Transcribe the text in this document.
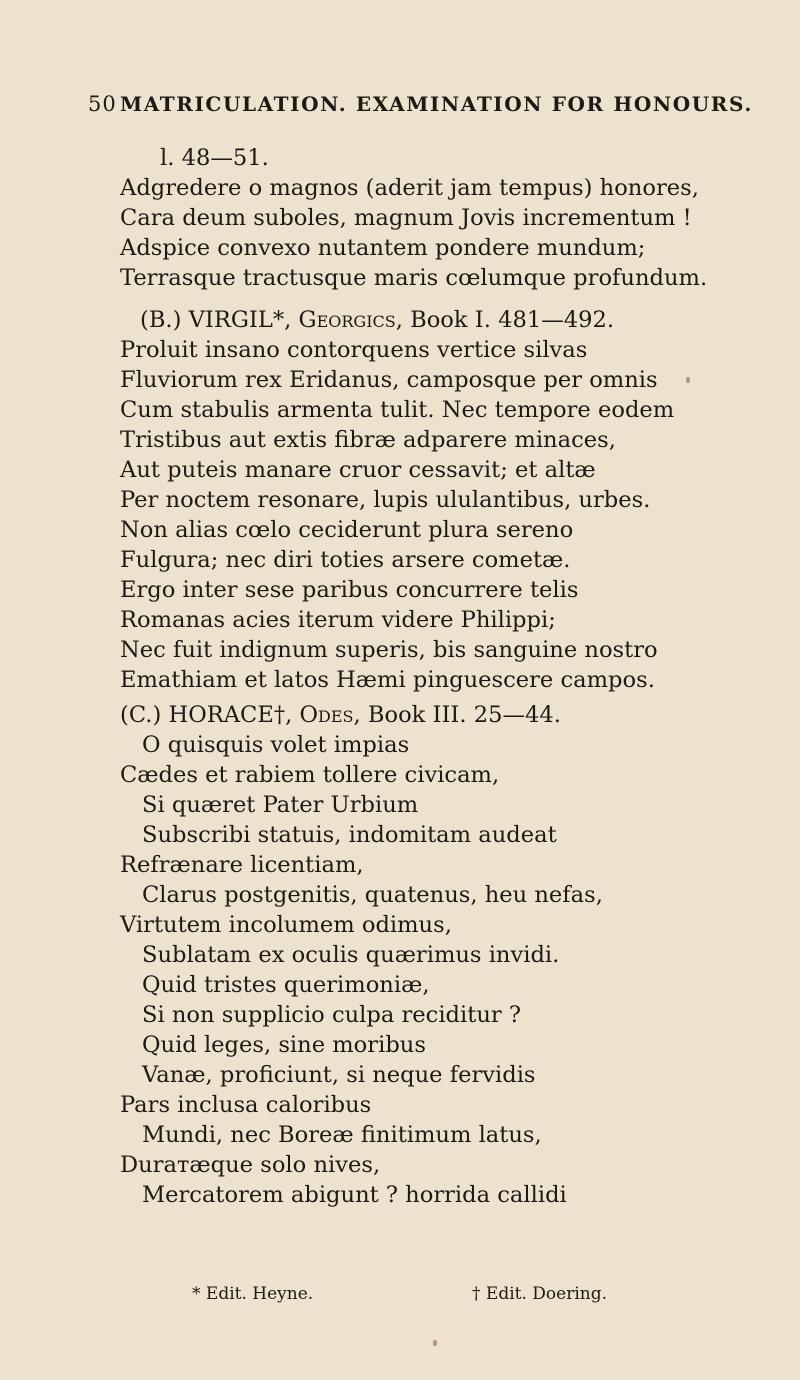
50 MATRICULATION. EXAMINATION FOR HONOURS.
l. 48—51.
Adgredere o magnos (aderit jam tempus) honores,
Cara deum suboles, magnum Jovis incrementum !
Adspice convexo nutantem pondere mundum;
Terrasque tractusque maris cœlumque profundum.
(B.) VIRGIL*, Georgics, Book I. 481—492.
Proluit insano contorquens vertice silvas
Fluviorum rex Eridanus, camposque per omnis
Cum stabulis armenta tulit. Nec tempore eodem
Tristibus aut extis fibræ adparere minaces,
Aut puteis manare cruor cessavit; et altæ
Per noctem resonare, lupis ululantibus, urbes.
Non alias cœlo ceciderunt plura sereno
Fulgura; nec diri toties arsere cometæ.
Ergo inter sese paribus concurrere telis
Romanas acies iterum videre Philippi;
Nec fuit indignum superis, bis sanguine nostro
Emathiam et latos Hæmi pinguescere campos.
(C.) HORACE†, Odes, Book III. 25—44.
O quisquis volet impias
Cædes et rabiem tollere civicam,
Si quæret Pater Urbium
Subscribi statuis, indomitam audeat
Refrænare licentiam,
Clarus postgenitis, quatenus, heu nefas,
Virtutem incolumem odimus,
Sublatam ex oculis quærimus invidi.
Quid tristes querimoniæ,
Si non supplicio culpa reciditur ?
Quid leges, sine moribus
Vanæ, proficiunt, si neque fervidis
Pars inclusa caloribus
Mundi, nec Boreæ finitimum latus,
Durатæque solo nives,
Mercatorem abigunt ? horrida callidi
* Edit. Heyne.	† Edit. Doering.
